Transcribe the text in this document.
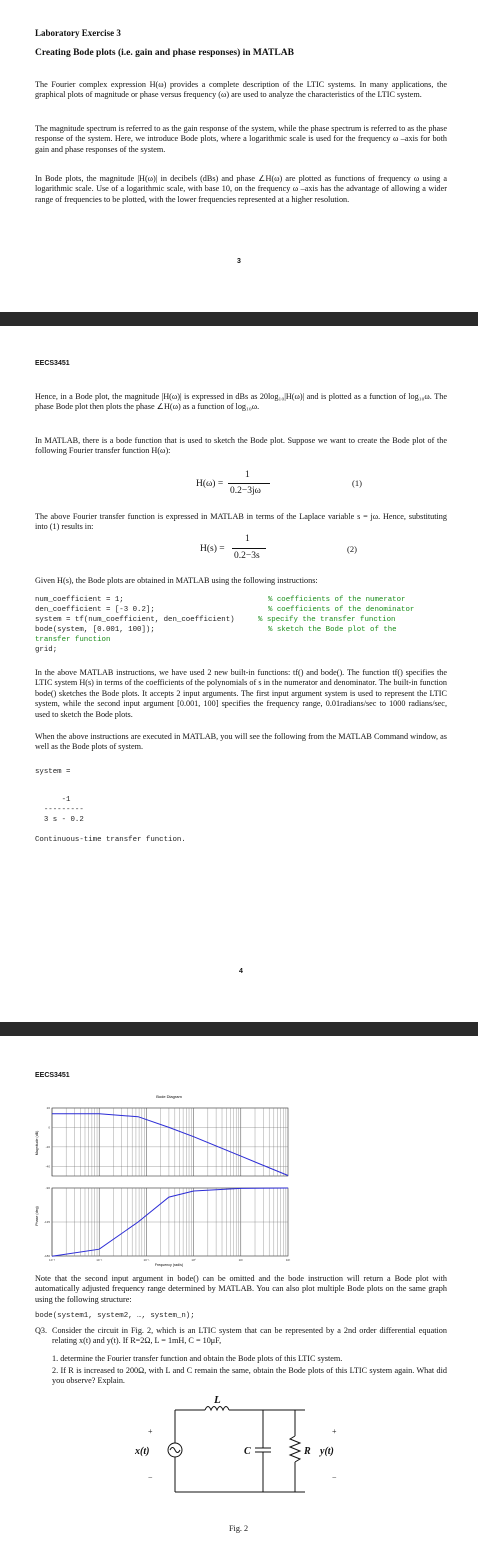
Laboratory Exercise 3
Creating Bode plots (i.e. gain and phase responses) in MATLAB

The Fourier complex expression H(ω) provides a complete description of the LTIC systems. In many applications, the graphical plots of magnitude or phase versus frequency (ω) are used to analyze the characteristics of the LTIC system.

The magnitude spectrum is referred to as the gain response of the system, while the phase spectrum is referred to as the phase response of the system. Here, we introduce Bode plots, where a logarithmic scale is used for the frequency ω –axis for both gain and phase responses of the system.

In Bode plots, the magnitude |H(ω)| in decibels (dBs) and phase ∠H(ω) are plotted as functions of frequency ω using a logarithmic scale. Use of a logarithmic scale, with base 10, on the frequency ω –axis has the advantage of allowing a wider range of frequencies to be plotted, with the lower frequencies represented at a higher resolution.

3
EECS3451

Hence, in a Bode plot, the magnitude |H(ω)| is expressed in dBs as 20log₁₀|H(ω)| and is plotted as a function of log₁₀ω. The phase Bode plot then plots the phase ∠H(ω) as a function of log₁₀ω.

In MATLAB, there is a bode function that is used to sketch the Bode plot. Suppose we want to create the Bode plot of the following Fourier transfer function H(ω):

H(ω) =
1
0.2−3jω
(1)

The above Fourier transfer function is expressed in MATLAB in terms of the Laplace variable s = jω. Hence, substituting into (1) results in:

H(s) =
1
0.2−3s
(2)

Given H(s), the Bode plots are obtained in MATLAB using the following instructions:

num_coefficient = 1;	% coefficients of the numerator
den_coefficient = [-3 0.2];	% coefficients of the denominator
system = tf(num_coefficient, den_coefficient)	% specify the transfer function
bode(system, [0.001, 100]);	% sketch the Bode plot of the
transfer function
grid;

In the above MATLAB instructions, we have used 2 new built-in functions: tf() and bode(). The function tf() specifies the LTIC system H(s) in terms of the coefficients of the polynomials of s in the numerator and denominator. The built-in function bode() sketches the Bode plots. It accepts 2 input arguments. The first input argument system is used to represent the LTIC system, while the second input argument [0.001, 100] specifies the frequency range, 0.01radians/sec to 1000 radians/sec, used to sketch the Bode plots.

When the above instructions are executed in MATLAB, you will see the following from the MATLAB Command window, as well as the Bode plots of system.

system =
-1
---------
3 s - 0.2
Continuous-time transfer function.
4
EECS3451
Bode Diagram
Magnitude (dB)
Phase (deg)
Frequency (rad/s)
20
0
-20
-40
-90
-135
-180
10⁻³	10⁻²	10⁻¹	10⁰	10¹	10²

Note that the second input argument in bode() can be omitted and the bode instruction will return a Bode plot with automatically adjusted frequency range determined by MATLAB. You can also plot multiple Bode plots on the same graph using the following structure:

bode(system1, system2, …, system_n);
Q3. Consider the circuit in Fig. 2, which is an LTIC system that can be represented by a 2nd order differential equation relating x(t) and y(t). If R=2Ω, L = 1mH, C = 10μF,

1. determine the Fourier transfer function and obtain the Bode plots of this LTIC system.

2. If R is increased to 200Ω, with L and C remain the same, obtain the Bode plots of this LTIC system again. What did you observe? Explain.

L
C	R
x(t)	y(t)
+
−
+
−
Fig. 2
